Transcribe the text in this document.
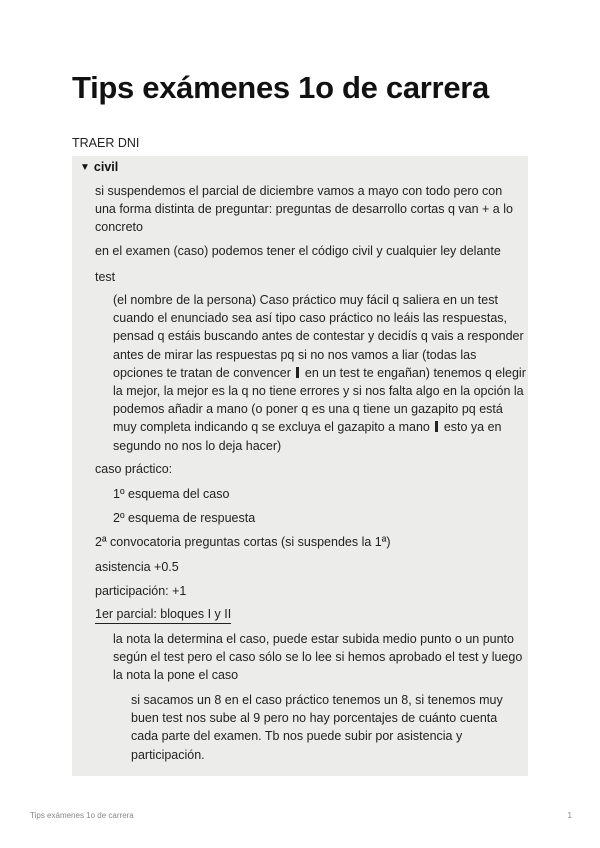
Tips exámenes 1o de carrera
TRAER DNI
▼ civil
si suspendemos el parcial de diciembre vamos a mayo con todo pero con una forma distinta de preguntar: preguntas de desarrollo cortas q van + a lo concreto
en el examen (caso) podemos tener el código civil y cualquier ley delante
test
(el nombre de la persona) Caso práctico muy fácil q saliera en un test cuando el enunciado sea así tipo caso práctico no leáis las respuestas, pensad q estáis buscando antes de contestar y decidís q vais a responder antes de mirar las respuestas pq si no nos vamos a liar (todas las opciones te tratan de convencer en un test te engañan) tenemos q elegir la mejor, la mejor es la q no tiene errores y si nos falta algo en la opción la podemos añadir a mano (o poner q es una q tiene un gazapito pq está muy completa indicando q se excluya el gazapito a mano esto ya en segundo no nos lo deja hacer)
caso práctico:
1º esquema del caso
2º esquema de respuesta
2ª convocatoria preguntas cortas (si suspendes la 1ª)
asistencia +0.5
participación: +1
1er parcial: bloques I y II
la nota la determina el caso, puede estar subida medio punto o un punto según el test pero el caso sólo se lo lee si hemos aprobado el test y luego la nota la pone el caso
si sacamos un 8 en el caso práctico tenemos un 8, si tenemos muy buen test nos sube al 9 pero no hay porcentajes de cuánto cuenta cada parte del examen. Tb nos puede subir por asistencia y participación.
Tips exámenes 1o de carrera	1
